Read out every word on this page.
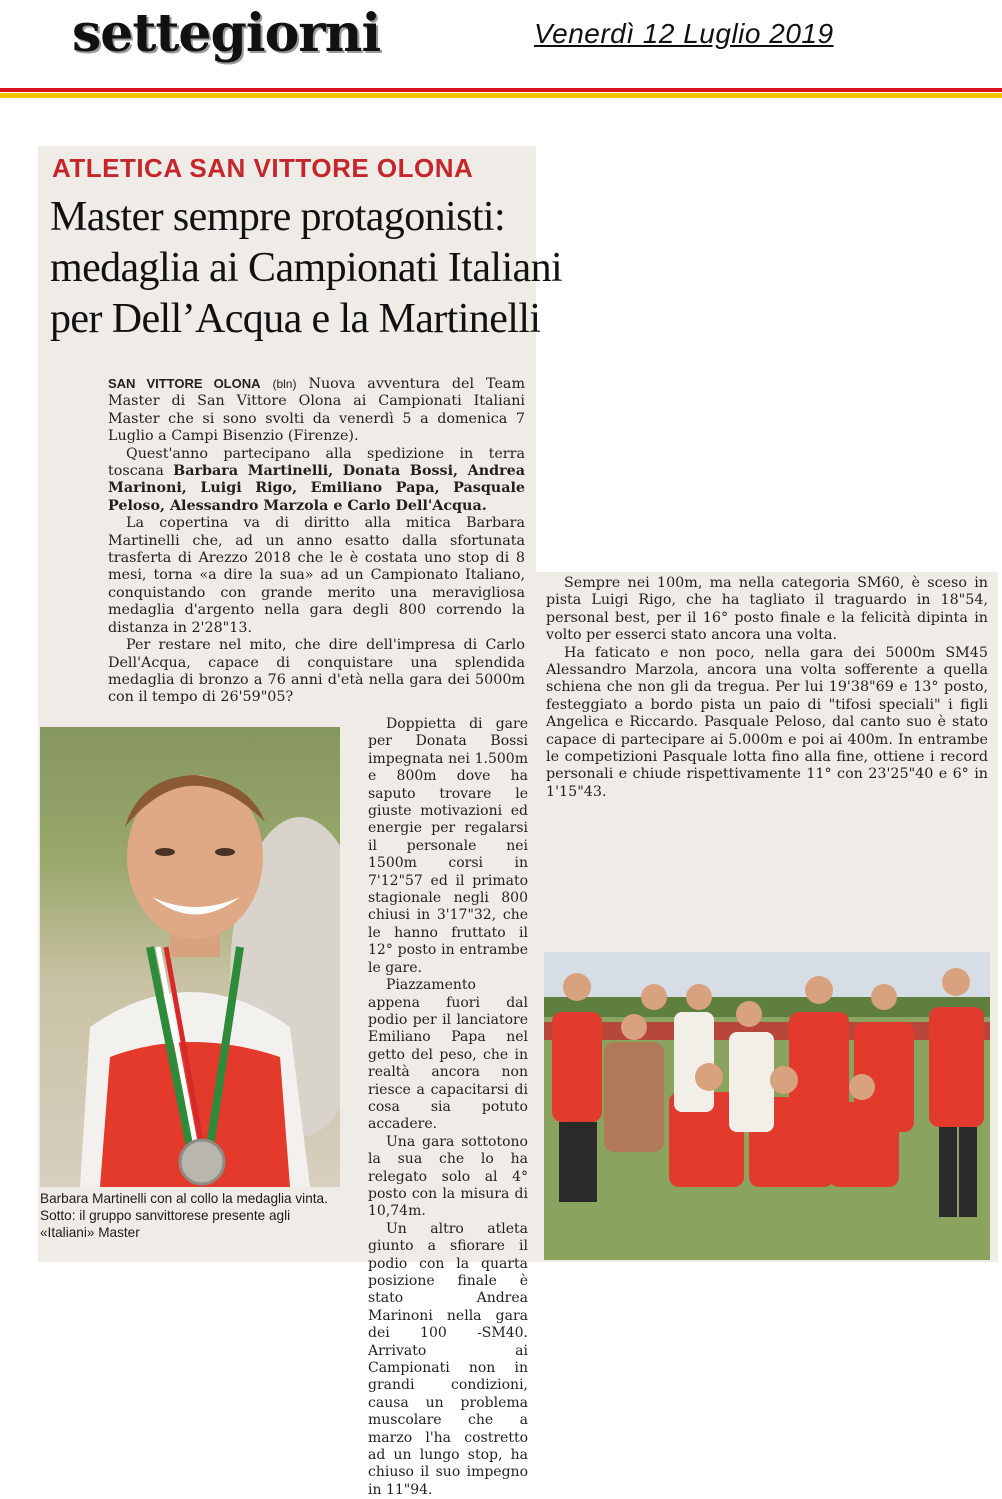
settegiorni	Venerdì 12 Luglio 2019
ATLETICA SAN VITTORE OLONA
Master sempre protagonisti:
medaglia ai Campionati Italiani
per Dell’Acqua e la Martinelli

SAN VITTORE OLONA (bln) Nuova avventura del Team Master di San Vittore Olona ai Campionati Italiani Master che si sono svolti da venerdì 5 a domenica 7 Luglio a Campi Bisenzio (Firenze).

Quest'anno partecipano alla spedizione in terra toscana Barbara Martinelli, Donata Bossi, Andrea Marinoni, Luigi Rigo, Emiliano Papa, Pasquale Peloso, Alessandro Marzola e Carlo Dell'Acqua.

La copertina va di diritto alla mitica Barbara Martinelli che, ad un anno esatto dalla sfortunata trasferta di Arezzo 2018 che le è costata uno stop di 8 mesi, torna «a dire la sua» ad un Campionato Italiano, conquistando con grande merito una meravigliosa medaglia d'argento nella gara degli 800 correndo la distanza in 2'28"13.

Per restare nel mito, che dire dell'impresa di Carlo Dell'Acqua, capace di conquistare una splendida medaglia di bronzo a 76 anni d'età nella gara dei 5000m con il tempo di 26'59"05?

Barbara Martinelli con al collo la medaglia vinta. Sotto: il gruppo sanvittorese presente agli «Italiani» Master

Doppietta di gare per Donata Bossi impegnata nei 1.500m e 800m dove ha saputo trovare le giuste motivazioni ed energie per regalarsi il personale nei 1500m corsi in 7'12"57 ed il primato stagionale negli 800 chiusi in 3'17"32, che le hanno fruttato il 12° posto in entrambe le gare.

Piazzamento appena fuori dal podio per il lanciatore Emiliano Papa nel getto del peso, che in realtà ancora non riesce a capacitarsi di cosa sia potuto accadere.

Una gara sottotono la sua che lo ha relegato solo al 4° posto con la misura di 10,74m.

Un altro atleta giunto a sfiorare il podio con la quarta posizione finale è stato Andrea Marinoni nella gara dei 100 -SM40. Arrivato ai Campionati non in grandi condizioni, causa un problema muscolare che a marzo l'ha costretto ad un lungo stop, ha chiuso il suo impegno in 11"94.

Sempre nei 100m, ma nella categoria SM60, è sceso in pista Luigi Rigo, che ha tagliato il traguardo in 18"54, personal best, per il 16° posto finale e la felicità dipinta in volto per esserci stato ancora una volta.

Ha faticato e non poco, nella gara dei 5000m SM45 Alessandro Marzola, ancora una volta sofferente a quella schiena che non gli da tregua. Per lui 19'38"69 e 13° posto, festeggiato a bordo pista un paio di "tifosi speciali" i figli Angelica e Riccardo. Pasquale Peloso, dal canto suo è stato capace di partecipare ai 5.000m e poi ai 400m. In entrambe le competizioni Pasquale lotta fino alla fine, ottiene i record personali e chiude rispettivamente 11° con 23'25"40 e 6° in 1'15"43.
